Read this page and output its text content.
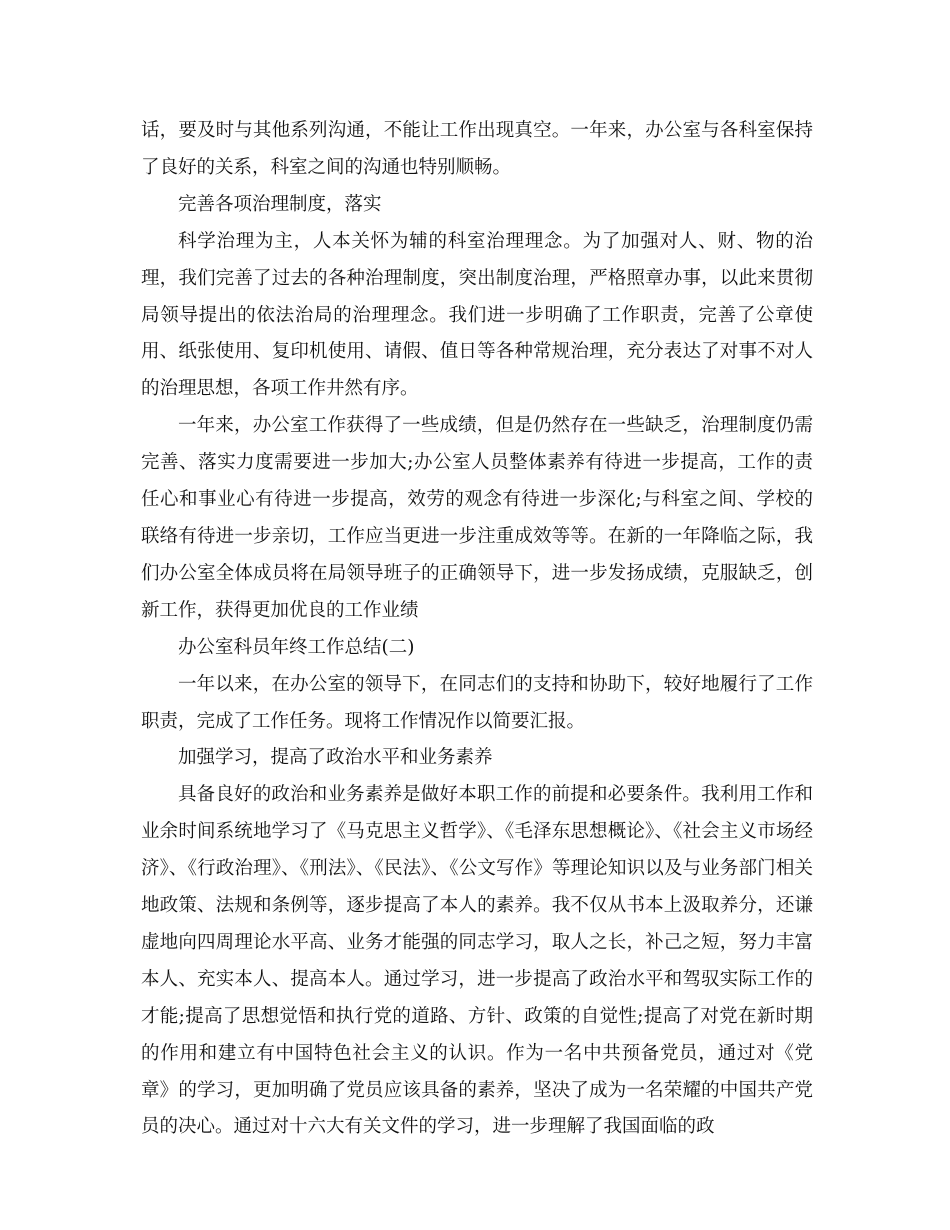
话，要及时与其他系列沟通，不能让工作出现真空。一年来，办公室与各科室保持了良好的关系，科室之间的沟通也特别顺畅。

完善各项治理制度，落实

科学治理为主，人本关怀为辅的科室治理理念。为了加强对人、财、物的治理，我们完善了过去的各种治理制度，突出制度治理，严格照章办事，以此来贯彻局领导提出的依法治局的治理理念。我们进一步明确了工作职责，完善了公章使用、纸张使用、复印机使用、请假、值日等各种常规治理，充分表达了对事不对人的治理思想，各项工作井然有序。

一年来，办公室工作获得了一些成绩，但是仍然存在一些缺乏，治理制度仍需完善、落实力度需要进一步加大;办公室人员整体素养有待进一步提高，工作的责任心和事业心有待进一步提高，效劳的观念有待进一步深化;与科室之间、学校的联络有待进一步亲切，工作应当更进一步注重成效等等。在新的一年降临之际，我们办公室全体成员将在局领导班子的正确领导下，进一步发扬成绩，克服缺乏，创新工作，获得更加优良的工作业绩

办公室科员年终工作总结(二)

一年以来，在办公室的领导下，在同志们的支持和协助下，较好地履行了工作职责，完成了工作任务。现将工作情况作以简要汇报。

加强学习，提高了政治水平和业务素养

具备良好的政治和业务素养是做好本职工作的前提和必要条件。我利用工作和业余时间系统地学习了《马克思主义哲学》、《毛泽东思想概论》、《社会主义市场经济》、《行政治理》、《刑法》、《民法》、《公文写作》等理论知识以及与业务部门相关地政策、法规和条例等，逐步提高了本人的素养。我不仅从书本上汲取养分，还谦虚地向四周理论水平高、业务才能强的同志学习，取人之长，补己之短，努力丰富本人、充实本人、提高本人。通过学习，进一步提高了政治水平和驾驭实际工作的才能;提高了思想觉悟和执行党的道路、方针、政策的自觉性;提高了对党在新时期的作用和建立有中国特色社会主义的认识。作为一名中共预备党员，通过对《党章》的学习，更加明确了党员应该具备的素养，坚决了成为一名荣耀的中国共产党员的决心。通过对十六大有关文件的学习，进一步理解了我国面临的政
